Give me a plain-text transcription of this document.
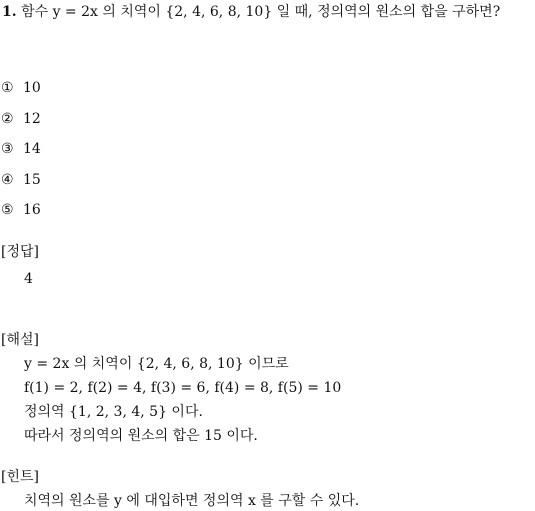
1. 함수 y = 2x 의 치역이 {2, 4, 6, 8, 10} 일 때, 정의역의 원소의 합을 구하면?
① 10
② 12
③ 14
④ 15
⑤ 16
[정답]
4
[해설]
y = 2x 의 치역이 {2, 4, 6, 8, 10} 이므로
f(1) = 2, f(2) = 4, f(3) = 6, f(4) = 8, f(5) = 10
정의역 {1, 2, 3, 4, 5} 이다.
따라서 정의역의 원소의 합은 15 이다.
[힌트]
치역의 원소를 y 에 대입하면 정의역 x 를 구할 수 있다.
